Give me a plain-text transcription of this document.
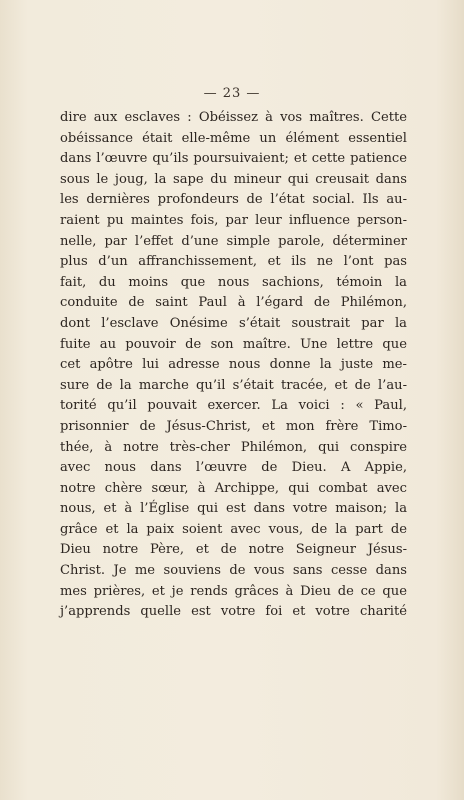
— 23 —
dire aux esclaves : Obéissez à vos maîtres. Cette
obéissance était elle-même un élément essentiel
dans l’œuvre qu’ils poursuivaient; et cette patience
sous le joug, la sape du mineur qui creusait dans
les dernières profondeurs de l’état social. Ils au-
raient pu maintes fois, par leur influence person-
nelle, par l’effet d’une simple parole, déterminer
plus d’un affranchissement, et ils ne l’ont pas
fait, du moins que nous sachions, témoin la
conduite de saint Paul à l’égard de Philémon,
dont l’esclave Onésime s’était soustrait par la
fuite au pouvoir de son maître. Une lettre que
cet apôtre lui adresse nous donne la juste me-
sure de la marche qu’il s’était tracée, et de l’au-
torité qu’il pouvait exercer. La voici : « Paul,
prisonnier de Jésus-Christ, et mon frère Timo-
thée, à notre très-cher Philémon, qui conspire
avec nous dans l’œuvre de Dieu. A Appie,
notre chère sœur, à Archippe, qui combat avec
nous, et à l’Église qui est dans votre maison; la
grâce et la paix soient avec vous, de la part de
Dieu notre Père, et de notre Seigneur Jésus-
Christ. Je me souviens de vous sans cesse dans
mes prières, et je rends grâces à Dieu de ce que
j’apprends quelle est votre foi et votre charité
